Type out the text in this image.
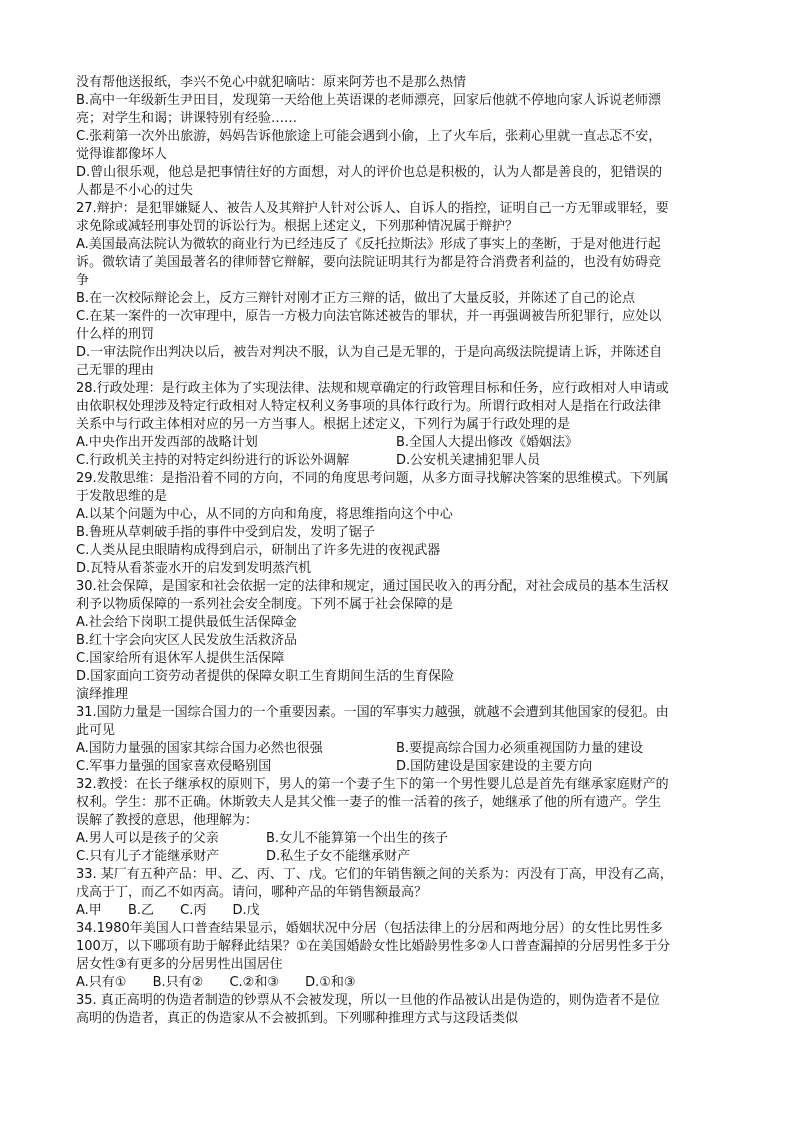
没有帮他送报纸，李兴不免心中就犯嘀咕：原来阿芳也不是那么热情
B.高中一年级新生尹田目，发现第一天给他上英语课的老师漂亮，回家后他就不停地向家人诉说老师漂
亮；对学生和谒；讲课特别有经验……
C.张莉第一次外出旅游，妈妈告诉他旅途上可能会遇到小偷，上了火车后，张莉心里就一直忐忑不安，
觉得谁都像坏人
D.曾山很乐观，他总是把事情往好的方面想，对人的评价也总是积极的，认为人都是善良的，犯错误的
人都是不小心的过失
27.辩护：是犯罪嫌疑人、被告人及其辩护人针对公诉人、自诉人的指控，证明自己一方无罪或罪轻，要
求免除或减轻刑事处罚的诉讼行为。根据上述定义，下列那种情况属于辩护？
A.美国最高法院认为微软的商业行为已经违反了《反托拉斯法》形成了事实上的垄断，于是对他进行起
诉。微软请了美国最著名的律师替它辩解，要向法院证明其行为都是符合消费者利益的，也没有妨碍竞
争
B.在一次校际辩论会上，反方三辩针对刚才正方三辩的话，做出了大量反驳，并陈述了自己的论点
C.在某一案件的一次审理中，原告一方极力向法官陈述被告的罪状，并一再强调被告所犯罪行，应处以
什么样的刑罚
D.一审法院作出判决以后，被告对判决不服，认为自己是无罪的，于是向高级法院提请上诉，并陈述自
己无罪的理由
28.行政处理：是行政主体为了实现法律、法规和规章确定的行政管理目标和任务，应行政相对人申请或
由依职权处理涉及特定行政相对人特定权利义务事项的具体行政行为。所谓行政相对人是指在行政法律
关系中与行政主体相对应的另一方当事人。根据上述定义，下列行为属于行政处理的是
A.中央作出开发西部的战略计划	B.全国人大提出修改《婚姻法》
C.行政机关主持的对特定纠纷进行的诉讼外调解	D.公安机关逮捕犯罪人员
29.发散思维：是指沿着不同的方向，不同的角度思考问题，从多方面寻找解决答案的思维模式。下列属
于发散思维的是
A.以某个问题为中心，从不同的方向和角度，将思维指向这个中心
B.鲁班从草刺破手指的事件中受到启发，发明了锯子
C.人类从昆虫眼睛构成得到启示，研制出了许多先进的夜视武器
D.瓦特从看茶壶水开的启发到发明蒸汽机
30.社会保障，是国家和社会依据一定的法律和规定，通过国民收入的再分配，对社会成员的基本生活权
利予以物质保障的一系列社会安全制度。下列不属于社会保障的是
A.社会给下岗职工提供最低生活保障金
B.红十字会向灾区人民发放生活救济品
C.国家给所有退休军人提供生活保障
D.国家面向工资劳动者提供的保障女职工生育期间生活的生育保险
演绎推理
31.国防力量是一国综合国力的一个重要因素。一国的军事实力越强，就越不会遭到其他国家的侵犯。由
此可见
A.国防力量强的国家其综合国力必然也很强	B.要提高综合国力必须重视国防力量的建设
C.军事力量强的国家喜欢侵略别国	D.国防建设是国家建设的主要方向
32.教授：在长子继承权的原则下，男人的第一个妻子生下的第一个男性婴儿总是首先有继承家庭财产的
权利。学生：那不正确。休斯敦夫人是其父惟一妻子的惟一活着的孩子，她继承了他的所有遗产。学生
误解了教授的意思，他理解为：
A.男人可以是孩子的父亲	B.女儿不能算第一个出生的孩子
C.只有儿子才能继承财产	D.私生子女不能继承财产
33. 某厂有五种产品：甲、乙、丙、丁、戊。它们的年销售额之间的关系为：丙没有丁高，甲没有乙高，
戊高于丁，而乙不如丙高。请问，哪种产品的年销售额最高？
A.甲 B.乙 C.丙 D.戊
34.1980年美国人口普查结果显示，婚姻状况中分居（包括法律上的分居和两地分居）的女性比男性多
100万，以下哪项有助于解释此结果？①在美国婚龄女性比婚龄男性多②人口普查漏掉的分居男性多于分
居女性③有更多的分居男性出国居住
A.只有① B.只有② C.②和③ D.①和③
35. 真正高明的伪造者制造的钞票从不会被发现，所以一旦他的作品被认出是伪造的，则伪造者不是位
高明的伪造者，真正的伪造家从不会被抓到。下列哪种推理方式与这段话类似
